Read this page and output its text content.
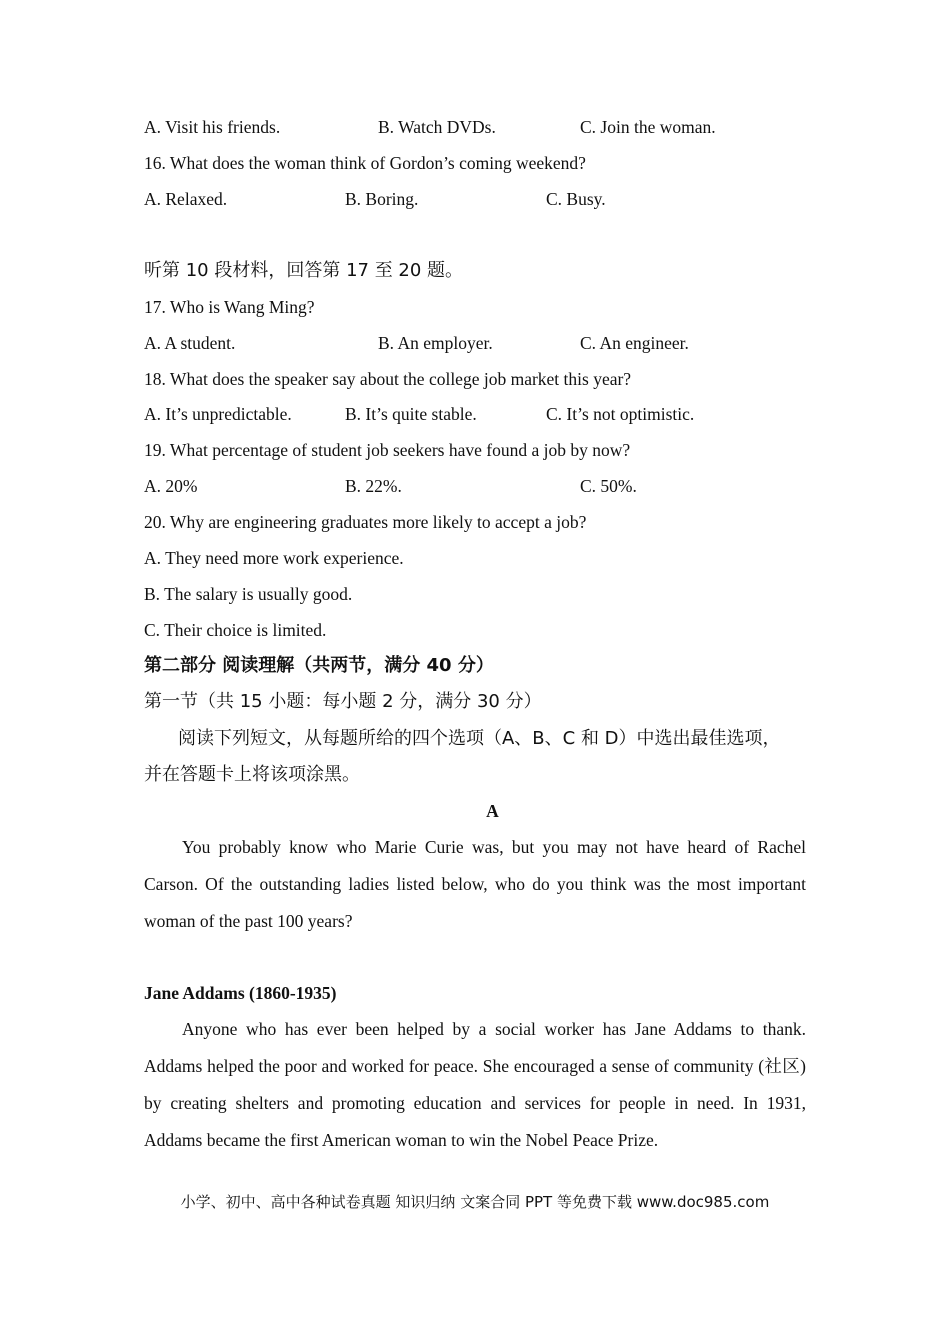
A. Visit his friends.	B. Watch DVDs.	C. Join the woman.
16. What does the woman think of Gordon’s coming weekend?
A. Relaxed.	B. Boring.	C. Busy.
听第 10 段材料，回答第 17 至 20 题。
17. Who is Wang Ming?
A. A student.	B. An employer.	C. An engineer.
18. What does the speaker say about the college job market this year?
A. It’s unpredictable.	B. It’s quite stable.	C. It’s not optimistic.
19. What percentage of student job seekers have found a job by now?
A. 20%	B. 22%.	C. 50%.
20. Why are engineering graduates more likely to accept a job?
A. They need more work experience.
B. The salary is usually good.
C. Their choice is limited.
第二部分 阅读理解（共两节，满分 40 分）
第一节（共 15 小题：每小题 2 分，满分 30 分）
阅读下列短文，从每题所给的四个选项（A、B、C 和 D）中选出最佳选项，
并在答题卡上将该项涂黑。
A
You probably know who Marie Curie was, but you may not have heard of Rachel Carson. Of the outstanding ladies listed below, who do you think was the most important woman of the past 100 years?
Jane Addams (1860-1935)
Anyone who has ever been helped by a social worker has Jane Addams to thank. Addams helped the poor and worked for peace. She encouraged a sense of community (社区) by creating shelters and promoting education and services for people in need. In 1931, Addams became the first American woman to win the Nobel Peace Prize.
小学、初中、高中各种试卷真题 知识归纳 文案合同 PPT 等免费下载 www.doc985.com
